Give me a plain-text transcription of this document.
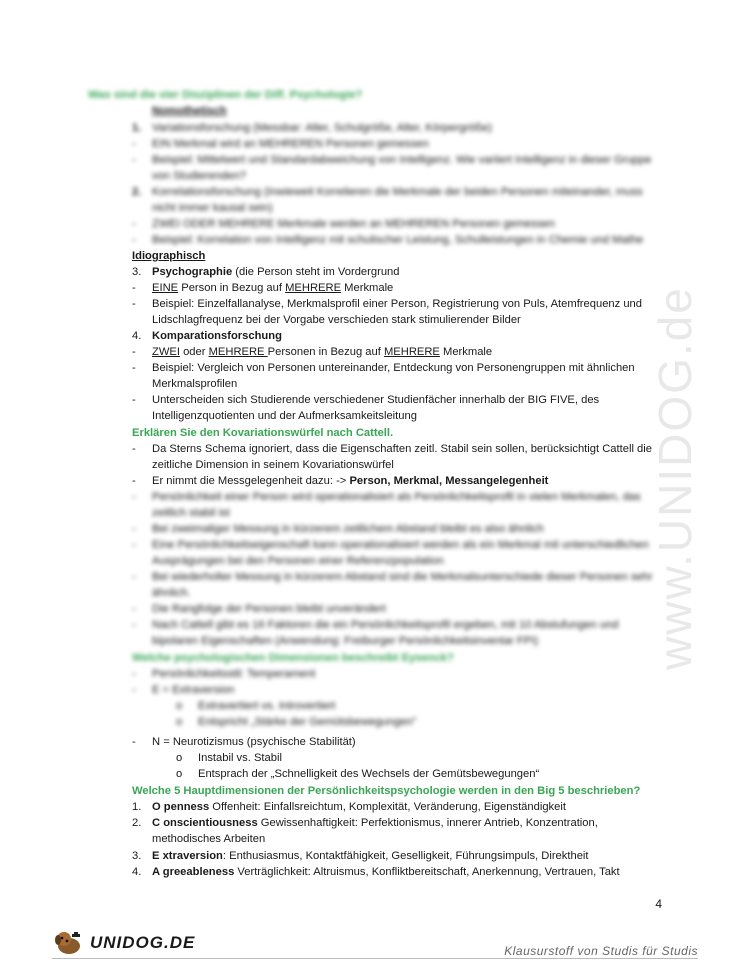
www.UNIDOG.de
Was sind die vier Disziplinen der Diff. Psychologie?
Nomothetisch
1. Variationsforschung (Messbar: Alter, Schulgröße, Alter, Körpergröße)
- EIN Merkmal wird an MEHREREN Personen gemessen
- Beispiel: Mittelwert und Standardabweichung von Intelligenz. Wie variiert Intelligenz in dieser Gruppe
von Studierenden?
2. Korrelationsforschung (Inwieweit Korrelieren die Merkmale der beiden Personen miteinander, muss
nicht immer kausal sein)
- ZWEI ODER MEHRERE Merkmale werden an MEHREREN Personen gemessen
- Beispiel: Korrelation von Intelligenz mit schulischer Leistung, Schulleistungen in Chemie und Mathe
Idiographisch
3. Psychographie (die Person steht im Vordergrund
- EINE Person in Bezug auf MEHRERE Merkmale
- Beispiel: Einzelfallanalyse, Merkmalsprofil einer Person, Registrierung von Puls, Atemfrequenz und
Lidschlagfrequenz bei der Vorgabe verschieden stark stimulierender Bilder
4. Komparationsforschung
- ZWEI oder MEHRERE Personen in Bezug auf MEHRERE Merkmale
- Beispiel: Vergleich von Personen untereinander, Entdeckung von Personengruppen mit ähnlichen
Merkmalsprofilen
- Unterscheiden sich Studierende verschiedener Studienfächer innerhalb der BIG FIVE, des
Intelligenzquotienten und der Aufmerksamkeitsleitung
Erklären Sie den Kovariationswürfel nach Cattell.
- Da Sterns Schema ignoriert, dass die Eigenschaften zeitl. Stabil sein sollen, berücksichtigt Cattell die
zeitliche Dimension in seinem Kovariationswürfel
- Er nimmt die Messgelegenheit dazu: -> Person, Merkmal, Messangelegenheit
- Persönlichkeit einer Person wird operationalisiert als Persönlichkeitsprofil in vielen Merkmalen, das
zeitlich stabil ist
- Bei zweimaliger Messung in kürzerem zeitlichem Abstand bleibt es also ähnlich
- Eine Persönlichkeitseigenschaft kann operationalisiert werden als ein Merkmal mit unterschiedlichen
Ausprägungen bei den Personen einer Referenzpopulation
- Bei wiederholter Messung in kürzerem Abstand sind die Merkmalsunterschiede dieser Personen sehr
ähnlich.
- Die Rangfolge der Personen bleibt unverändert
- Nach Cattell gibt es 16 Faktoren die ein Persönlichkeitsprofil ergeben, mit 10 Abstufungen und
bipolaren Eigenschaften (Anwendung: Freiburger Persönlichkeitsinventar FPI)
Welche psychologischen Dimensionen beschreibt Eysenck?
- Persönlichkeitsstil: Temperament
- E = Extraversion
o Extravertiert vs. Introvertiert
o Entspricht „Stärke der Gemütsbewegungen"
- N = Neurotizismus (psychische Stabilität)
o Instabil vs. Stabil
o Entsprach der „Schnelligkeit des Wechsels der Gemütsbewegungen“
Welche 5 Hauptdimensionen der Persönlichkeitspsychologie werden in den Big 5 beschrieben?
1. O penness Offenheit: Einfallsreichtum, Komplexität, Veränderung, Eigenständigkeit
2. C onscientiousness Gewissenhaftigkeit: Perfektionismus, innerer Antrieb, Konzentration,
methodisches Arbeiten
3. E xtraversion: Enthusiasmus, Kontaktfähigkeit, Geselligkeit, Führungsimpuls, Direktheit
4. A greeableness Verträglichkeit: Altruismus, Konfliktbereitschaft, Anerkennung, Vertrauen, Takt
4
UNIDOG.DE	Klausurstoff von Studis für Studis
